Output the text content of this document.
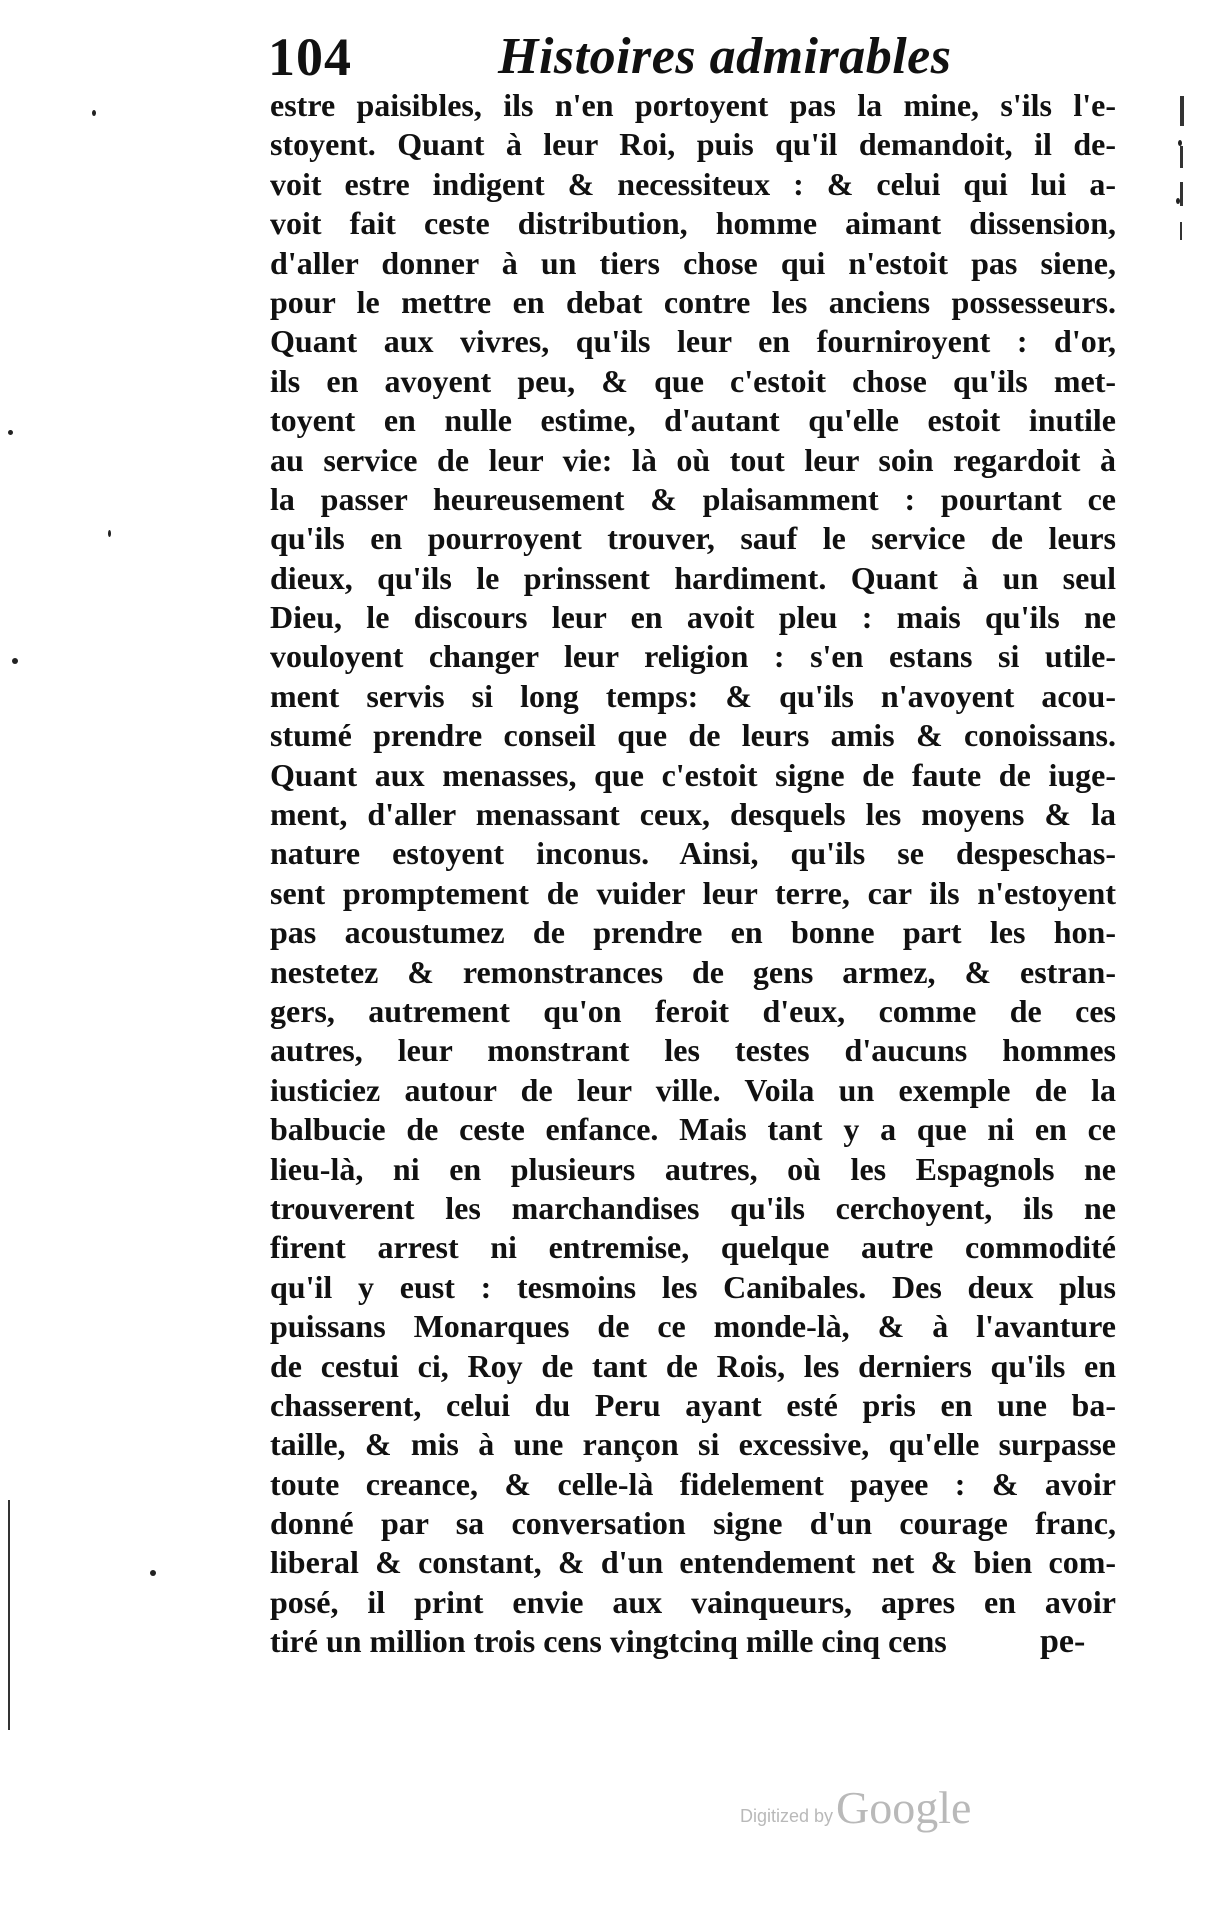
104	Histoires admirables
estre paisibles, ils n'en portoyent pas la mine, s'ils l'e-
stoyent. Quant à leur Roi, puis qu'il demandoit, il de-
voit estre indigent & necessiteux : & celui qui lui a-
voit fait ceste distribution, homme aimant dissension,
d'aller donner à un tiers chose qui n'estoit pas siene,
pour le mettre en debat contre les anciens possesseurs.
Quant aux vivres, qu'ils leur en fourniroyent : d'or,
ils en avoyent peu, & que c'estoit chose qu'ils met-
toyent en nulle estime, d'autant qu'elle estoit inutile
au service de leur vie: là où tout leur soin regardoit à
la passer heureusement & plaisamment : pourtant ce
qu'ils en pourroyent trouver, sauf le service de leurs
dieux, qu'ils le prinssent hardiment. Quant à un seul
Dieu, le discours leur en avoit pleu : mais qu'ils ne
vouloyent changer leur religion : s'en estans si utile-
ment servis si long temps: & qu'ils n'avoyent acou-
stumé prendre conseil que de leurs amis & conoissans.
Quant aux menasses, que c'estoit signe de faute de iuge-
ment, d'aller menassant ceux, desquels les moyens & la
nature estoyent inconus. Ainsi, qu'ils se despeschas-
sent promptement de vuider leur terre, car ils n'estoyent
pas acoustumez de prendre en bonne part les hon-
nestetez & remonstrances de gens armez, & estran-
gers, autrement qu'on feroit d'eux, comme de ces
autres, leur monstrant les testes d'aucuns hommes
iusticiez autour de leur ville. Voila un exemple de la
balbucie de ceste enfance. Mais tant y a que ni en ce
lieu-là, ni en plusieurs autres, où les Espagnols ne
trouverent les marchandises qu'ils cerchoyent, ils ne
firent arrest ni entremise, quelque autre commodité
qu'il y eust : tesmoins les Canibales. Des deux plus
puissans Monarques de ce monde-là, & à l'avanture
de cestui ci, Roy de tant de Rois, les derniers qu'ils en
chasserent, celui du Peru ayant esté pris en une ba-
taille, & mis à une rançon si excessive, qu'elle surpasse
toute creance, & celle-là fidelement payee : & avoir
donné par sa conversation signe d'un courage franc,
liberal & constant, & d'un entendement net & bien com-
posé, il print envie aux vainqueurs, apres en avoir
tiré un million trois cens vingtcinq mille cinq cens	pe-
Digitized by Google
